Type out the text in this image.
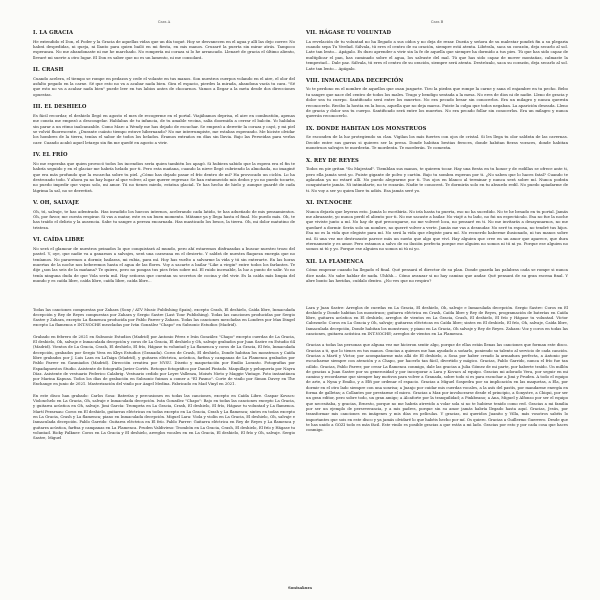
Cara A
I. LA GRACIA

He extendido el Don, el Poder y la Gracia de aquellas vidas que un día toqué. Hoy se desvanecen en el agua y allí las dejo correr. No habrá despedidas, ni queja, ni llanto para quien bailó en mi fiesta, en mis manos. Cruzaré la puerta sin mirar atrás. Tampoco esperanza. No me abandonaste ni me he marchado. No rompería mi coraza si lo he arrancado. Llenaré de gracia el último aliento, llevaré mi suerte a otro lugar. El Don es saber que no es un lamento, ni me consolará.

II. CRASH

Cuando acelera, el tiempo se rompe en pedazos y cede el volante en tus manos. Son nuestros cuerpos volando en el aire, el olor del asfalto pegado en la carne. Sé que esto no va a acabar nada bien. Gira el espacio, pierdes la mirada, abandona vacía tu cara. "Sé que esto no va a acabar nada bien" puede leer en tus labios antes de chocarnos. Vamos a llegar a la meta desde dos direcciones opuestas.

III. EL DESHIELO

Es fácil recordar, el deshielo llegó en agosto el mes de recogerme en el portal. Viajábamos deprisa, el aire en combustión, apenas me consta me empezó a descongelar. Hablabas de tu infancia, de tu amable vecina, salía doormida a cerrar el balcón. Yo hablaba sin parar a un ritmo inalcanzable. Como Marc a Wendy me has dejado de escuchar. Se empezó a derretir la coraza y cayó, y mi piel se volvió fluorescente. ¿Durante cuánto tiempo estuve hibernando? No me interrumpiste, me estabas esperando. Me hiciste olvidar los hombres de la tierra, tenías el sabor de todos los helados. Éramos extraños en días sin lluvia. Bajo las Perseidas para verlas caer. Cuando acabó aquel letargo sin fin me quedé en agosto a vivir.

IV. EL FRÍO

No me esperaba que quien provocó todos los incendios sería quien también los apagó. Si hubiera sabido que la espera era el fin te habría seguido y en el glaciar me habría helado por ti. Pero esta mañana, cuando la nieve llegó cubriendo la almohada, no imaginé que era más profundo que la escarcha sobre tu piel. ¿Cómo has dejado pasar el frío dentro de mí? Ha provocado un ciclón. Lo ha destrozado todo. Y ahora ya no hay lugar al que volver, al que querer regresar. Se han entumecido mis dedos y yo no puedo tocarte, no puedo impedir que vayas solo, mi amor. Tú no tienes miedo, estatua glacial. Te has hecho de hielo y, aunque guardé de cada lágrima la sal, no se derretirá.

V. OH, SALVAJE

Oh, tú, salvaje, te has adentrado. Has invadido los huecos internos, acelerando cada latido, te has adueñado de mis pensamientos. Oh, por favor, me cuesta respirar. Si vas a matar, este es un buen momento. Mátame ya y llega hasta el final. No puedo más. Oh, te has traído el delirio y la ausencia. Sabe tu sangre a pereza encarnada. Has masticado los besos, la tierra. Oh, mi dolor matutino de tristeza.

VI. CAÍDA LIBRE

No será el glamour de nuestros peinados lo que conquistará al mundo, pero ahí estaremos disfrazadas a buscar nuestro trozo del pastel. Y, oye, que nadie va a ganarnos a salvajes, será una caravana en el desierto. Y saldrá de nuestra flaqueza energía que no teníamos. No pararemos a dormir, bailaras, mi rubia, para mí. Hoy has vuelto a salvarme la vida y tú sin enterarte. En las horas muertas de la noche nos beberemos hasta el agua de las flores. Voy a sacarte a bailar "Like a virgin" entre todos los farlantes. Te dije ¿son las seis de la mañana? Te quiero, pero no pongas tus pies fríos sobre mí. El ruido incesable, la luz a punto de salir. Yo no tenía ninguna duda de que Vola sería mil. Hay señoras que cuentan su secretos de cocina y del vivir. Es la caída más limpia del mundo y es caída libre, caída libre, caída libre, caída libre...

Todas las canciones compuestas por Zahara (Sony / ATV Music Publishing Spain), excepto Crash, El deshielo, Caída libre, Inmaculada decepción y Rey de Reyes compuestas por Zahara y Sergio Sastre (Last Tour Publishing). Todas las canciones producidas por Sergio Sastre y Zahara, excepto La flamenca producida por Pablo Parrer y Zahara. Todas las canciones mezcladas en Londres por Max Dingel excepto La flamenca e INT.NOCHE mezcladas por Iván González "Chapo" en Subsonic Estudios (Madrid).

Grabado en febrero de 2021 en Subsonic Estudios (Madrid) por Antonio Pérez e Iván González "Chapo" excepto cuerdas de La Gracia, El deshielo, Oh, salvaje e Inmaculada decepción y coros de La Gracia, El deshielo y Oh, salvaje grabados por Juan Sastre en Estudio 64 (Madrid). Vientos de La Gracia, Crash, El deshielo, El frío, Hágase tu voluntad y La flamenca y coros de La Gracia, El frío, Inmaculada decepción, grabados por Sergio Vera en Kbys Estudios (Granada). Coros de Crash, El deshielo, Donde habitan los monstruos y Caída libre grabados por J. Luis Lara en LaTaiga (Madrid), y guitarra eléctrica, acústica, farfisa y campanas de La Flamenca grabados por Pablo Parrer en Gasmiados (Madrid). Dirección creativa por NYSU. Diseño y maquetación por Emilio Loranto. Fotografías por Espadapuestos Studio. Asistente de fotografía Javier Cortés. Retoque fotográfico por Daniel Pintado. Maquillaje y peluquería por Nayra Díaz. Asistente de vestuario Federico Calabrig. Vestuario cedido por Leyre Vallenza, Moisés Nieto y Maggie Vintage. Foto instantánea por Marina Kapusa. Todos los días de grabación en Subsonic fuimos a comer a "El Pasmo". Corte de vinilo por Simon Davey en The Exchange en junio de 2021. Masterización del vinilo por Angel Medina. Fabricado en Mad Vinyl en 2021.

En este disco han grabado: Carlos Sosa: Baterías y percusiones en todas las canciones, excepto en Caída Libre. Gaspar Kovacs: Violonchelo en La Gracia, Oh, salvaje e Inmaculada decepción. Iván González "Chapo": Bajo en todas las canciones excepto La Gracia, y guitarra acústica en Oh, salvaje. Jimi García: Trompeta en La Gracia, Crash, El deshielo, El frío, Hágase tu voluntad y La flamenca. Martí Perarnau: Coros en El deshielo, guitarras eléctricas en todas excepto en La Gracia, Crash y La flamenca; sintes en todas excepto en La Gracia, Crash y La flamenca; piano en Inmaculada decepción. Miguel Lara: Viola y violín en La Gracia, El deshielo, Oh, salvaje e Inmaculada decepción. Pablo Garrido: Guitarra eléctrica en El frío. Pablo Parrer: Guitarra eléctrica en Rey de Reyes y La flamenca y guitarra acústica, farfisa y campanas en La Flamenca. Pruden Valdivieso: Trombón en La Gracia, Crash, El deshielo, El frío y Hágase tu voluntad. Ricky Falkner: Coros en La Gracia y El deshielo, arreglos vocales en en La Gracia, El deshielo, El frío y Oh, salvaje. Sergio Sastre, Miguel

Cara B
VII. HÁGASE TU VOLUNTAD

La revelación de tu voluntad no ha llegado a sus oídos y no deja de rezar. Dueña y señora de su malestar pondrá fin a su plegaria cuando sepa Tu Verdad. Sálvala, tú eres el centro de su oración, siempre está atenta. Libérala, saca su corazón, deja secarlo al sol. Late tan lento... Apágalo. Es duro aprender a vivir sin la fe de aquella que siempre ha dormido a tus pies. Tú que has sido capaz de multiplicar el pan, has caminado sobre el agua, los salvaste del mal. Tú que has sido capaz de mover montañas, calmaste la tempestad... Dale paz. Sálvala, tú eres el centro de su oración, siempre será atenta. Destrózalo, saca su corazón, deja secarlo al sol. Late tan lento... Apágalo.

VIII. INMACULADA DECEPCIÓN

Yo te perdono en el nombre de aquellos que osan juzgarte. Tiro la piedra que rompe la carne y sana el enjambre en tu pecho. Bebo tu sangre que nace del centro de todos los males. Trago y bendigo sentada a la mesa. No eres de dios ni de nadie. Lleno de gracia y dolor sea tu cuerpo. Santificado será entre los muertos. No era pecado besar sin conocerlos. Era un milagro y nunca querrán reconocerlo. Recibo la hostia en la boca, aquella que no deja marca. Fuiste la culpa que todos negaban. La aparición deseada. Lleno de gracia y dolor sea tu cuerpo. Santificado será entre los muertos. No era pecado follar sin conocerlos. Era un milagro y nunca querrán reconocerlo.

IX. DONDE HABITAN LOS MONSTRUOS

Se esconden de la luz protegiendo su clan. Vigilan los más fuertes con ojos de cristal. Si les llega tu olor saldrán de las cavernas. Decide entre sus garras si quieres ser la presa. Donde habitan bestias feroces, donde habitan fieras voraces, donde habitan monstruos salvajes te morderán. Te morderán. Te morderán. Te comerán.

X. REY DE REYES

Todos en pie gritan "Su Majestad". Tiemblan sus manos, te quieren tocar. Hay una fiesta en tu honor y de rodillas se ofrece ante ti, pero ella jamás será yo. Fuiste gigante de polvo y cartón. Bajo tu sombra esperan por ti. ¿No saben que lo haces fatal? Cuando te aplaudan ya no estaré allí. No puedo alegrarme por ti. Tus ojos en blanco al terminar y nunca será sobre mí. Nunca podrán conquistarte jamás. Ni intimidarte, no te rozarán. Nadie te conocerá. Te dormirás solo en tu absurdo redil. No puedo apiadarme de ti. No voy a ser yo quien llore tu adiós. Esa jamás seré yo.

XI. INT.NOCHE

Nunca dejaría que leyeras esto. Jamás lo escribiría. No iría hasta tu puerta, eso no ha sucedido. No te he besado en tu portal. Jamás me abrazaste, yo nunca perdí el aliento por ti. No me sacaste a bailar. No viajé a tu lado, no fui un espectáculo. Esa no fue la noche que viviste junto a mí. No hay de qué preocuparse, no me volveré loca, no pensaré en ti. No me invitarás a desayunarnos, no me quedaré a dormir. Serás solo un nombre, no querré volver a verte. Jamás me vas a desnudar. No seré tu esposa, no tendré tus hijos. Esa no es la vida que elegiste para mí. No será la vida que elegiste para mí. No recuerdo haberme ilusionado, ni tus manos sobre mí. Si una vez me destrozaste parece más un sueño que algo que viví. Hay alguien que cree en un amor que aparece, que dura eternamente y es amor. Pero estamos a salvo de su ilusión perfecta porque ese alguien no somos ni tú ni yo. Porque ese alguien no somos ni tú y yo. Porque ese alguien no somos ni tú ni yo.

XII. LA FLAMENCA

Cómo empezar cuando ha llegado el final. Qué pensará el director de su plan. Donde guarda las palabras cada se rompe si nunca dice nada. No sabe hablar de nada. Uhhhh... Cómo avanzar si no hay camino que andar. Qué pensará de su gran escena final. Y abre bonto las heridas, cuídalo dentro. ¿No ves que no respiro?

Lara y Juan Sastre: Arreglos de cuerdas en La Gracia, El deshielo, Oh, salvaje e Inmaculada decepción. Sergio Sastre: Coros en El deshielo y Donde habitan los monstruos; guitarra eléctrica en Crash, Caída libre y Rey de Reyes, programación de baterías en Caída libre, guitarra acústica en El deshielo, arreglos de vientos en La Gracia, Crash, El deshielo, El frío y Hágase tu voluntad. Víctor Cabezuelo: Coros en La Gracia y Oh, salvaje; guitarras eléctricas en Caída libre; sintes en El deshielo, El frío, Oh, salvaje, Caída libre, Inmaculada decepción, Donde habitan los monstruos; y piano en La Gracia, Oh salvaje y Rey de Reyes. Zahara: Voz y coros en todas las canciones, guitarra acústica en INT.NOCHE; arreglos de vientos en La Flamenca.

Gracias a todas las personas que alguna vez me hicieron sentir algo, porque de ellas están llenas las canciones que forman este disco. Gracias a ti, que lo tienes en tus manos. Gracias a quienes me han ayudado a soñarlo, poniendo su talento al servicio de cada canción. Gracias a Martí y Víctor, por acompañarme más allá de El deshielo, a Sosa por haber creado la armadura perfecta, a Antonio por escucharme siempre con atención y a Chapo, por hacerlo tan fácil, divertido y mágico. Gracias, Pablo Garrido, nunca el frío fue tan cálido. Gracias, Pablo Parrer, por crear La flamenca conmigo, dale las gracias a Julia Gómez de mi parte, por haberte traído. Un millón de gracias a Juan Sastre por su generosidad y por incorporar a Lara y Kovacs al equipo. Gracias mi adorado Vera, por seguir en mi camino y recordarme que siempre hay motivos para volver a Granada, sobre todo si es para escuchar a Jimi y Pruden. A todo el equipo de arte, a Nyna y Emilio, y a Elfi por ordenar el espacio. Gracias a Miguel Sospedra por su implicación en las maquetas, a Ela, por dormir en el otro lado siempre con una sonrisa; a Juanjo por cuidar mis cuerdas vocales, a la asís del pastís, por mandarme energía en forma de galletas; a Collantes por prestarme el micro. Gracias a Max por involucrarse desde el principio, a Sonystre, a Chiqui, por ser un gran editor, pero sobre todo, un gran amigo; a Alcaforte por la tranquilidad; a Pinkbeano; a Ana, Miguel y Alfonso por ser el equipo que necesitaba, y gracias, Ernesto, porque no me habría atrevido a volar sola si no te hubiese tenido como red. Gracias a mi familia por ser un ejemplo de perseverancia, y a mis padres, porque sin su amor jamás habría llegado hasta aquí. Gracias, Jesús, por transformar mis canciones en imágenes y mis días en películas. Y gracias, mi queridos Juanito y Villa, más vosotros sabéis lo importantes que sois en este disco y ya jamás olvidaré lo que habéis hecho por mí. Os quiero. Gracias a Guillermo Guerrero. Desde que te has unido a GOZI todo es más fácil. Este vinilo es posible gracias a que estás a mi lado. Gracias por esto y por cada cosa que haces conmigo.

Sonisakura
